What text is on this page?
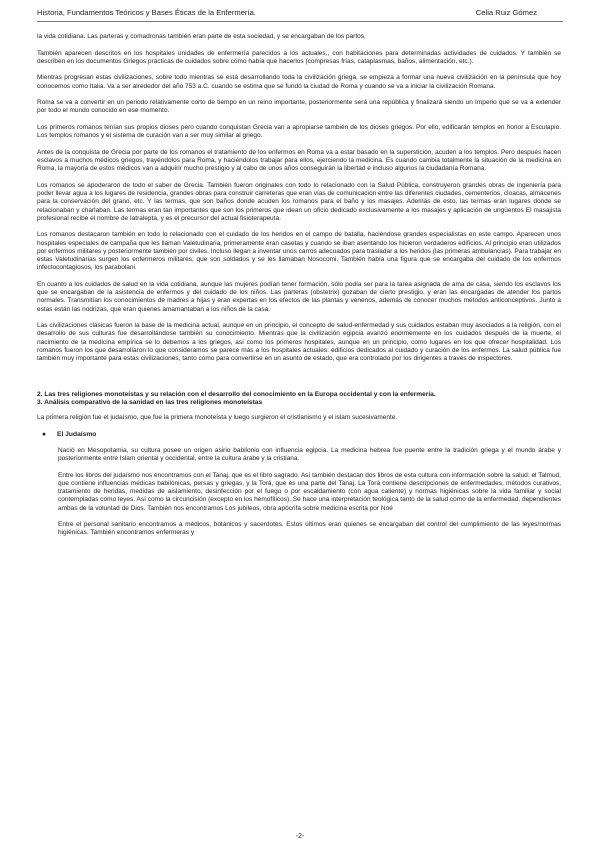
Historia, Fundamentos Teóricos y Bases Éticas de la Enfermería.	Celia Ruiz Gómez

la vida cotidiana. Las parteras y comadronas también eran parte de esta sociedad, y se encargaban de los partos.

También aparecen descritos en los hospitales unidades de enfermería parecidos a los actuales,, con habitaciones para determinadas actividades de cuidados. Y también se describen en los documentos Griegos prácticas de cuidados sobre cómo había que hacerlos (compresas frías, cataplasmas, baños, alimentación, etc.).

Mientras progresan estas civilizaciones, sobre todo mientras se está desarrollando toda la civilización griega, se empieza a formar una nueva civilización en la península que hoy conocemos como Italia. Va a ser alrededor del año 753 a.C. cuando se estima que se fundó la ciudad de Roma y cuando se va a iniciar la civilización Romana.

Roma se va a convertir en un periodo relativamente corto de tiempo en un reino importante, posteriormente será una república y finalizará siendo un Imperio que se va a extender por todo el mundo conocido en ese momento.

Los primeros romanos tenían sus propios dioses pero cuando conquistan Grecia van a apropiarse también de los dioses griegos. Por ello, edificarán templos en honor a Esculapio. Los templos romanos y el sistema de curación van a ser muy similar al griego.

Antes de la conquista de Grecia por parte de los romanos el tratamiento de los enfermos en Roma va a estar basado en la superstición, acuden a los templos. Pero después hacen esclavos a muchos médicos griegos, trayéndolos para Roma, y haciéndolos trabajar para ellos, ejerciendo la medicina. Es cuando cambia totalmente la situación de la medicina en Roma, la mayoría de estos médicos van a adquirir mucho prestigio y al cabo de unos años conseguirán la libertad e incluso algunos la ciudadanía Romana.

Los romanos se apoderaron de todo el saber de Grecia. También fueron originales con todo lo relacionado con la Salud Pública, construyeron grandes obras de ingeniería para poder llevar agua a los lugares de residencia, grandes obras para construir carreteras que eran vías de comunicación entre las diferentes ciudades, cementerios, cloacas, almacenes para la conservación del grano, etc. Y las termas, que son baños donde acuden los romanos para el baño y los masajes. Además de esto, las termas eran lugares donde se relacionaban y charlaban. Las termas eran tan importantes que son los primeros que idean un oficio dedicado exclusivamente a los masajes y aplicación de ungüentos El masajista profesional recibe el nombre de Iatraleptа, y es el precursor del actual fisioterapeuta.

Los romanos destacaron también en todo lo relacionado con el cuidado de los heridos en el campo de batalla, haciéndose grandes especialistas en este campo. Aparecen unos hospitales especiales de campaña que les llaman Valetudinaria, primeramente eran casetas y cuando se iban asentando los hicieron verdaderos edificios. Al principio eran utilizados por enfermos militares y posteriormente también por civiles. Incluso llegan a inventar unos carros adecuados para trasladar a los heridos (las primeras ambulancias). Para trabajar en estas Valetudinarias surgen los enfermeros militares, que son soldados y se les llamaban Nosocomi. También había una figura que se encargaba del cuidado de los enfermos infectocontagiosos, los parabolani.

En cuanto a los cuidados de salud en la vida cotidiana, aunque las mujeres podían tener formación, sólo podía ser para la tarea asignada de ama de casa, siendo los esclavos los que se encargaban de la asistencia de enfermos y del cuidado de los niños. Las parteras (obstetrix) gozaban de cierto prestigio, y eran las encargadas de atender los partos normales. Transmitían los conocimientos de madres a hijas y eran expertas en los efectos de las plantas y venenos, además de conocer muchos métodos anticonceptivos. Junto a estas están las nodrizas, que eran quienes amamantaban a los niños de la casa.

Las civilizaciones clásicas fueron la base de la medicina actual, aunque en un principio, el concepto de salud-enfermedad y sus cuidados estaban muy asociados a la religión, con el desarrollo de sus culturas fue desarrollándose también su conocimiento. Mientras que la civilización egipcia avanzó enormemente en los cuidados después de la muerte, el nacimiento de la medicina empírica se lo debemos a los griegos, así como los primeros hospitales, aunque en un principio, como lugares en los que ofrecer hospitalidad. Los romanos fueron los que desarrollaron lo que consideramos se parece más a los hospitales actuales: edificios dedicados al cuidado y curación de los enfermos. La salud pública fue también muy importante para estas civilizaciones, tanto como para convertirse en un asunto de estado, que era controlado por los dirigentes a través de inspectores.

2. Las tres religiones monoteístas y su relación con el desarrollo del conocimiento en la Europa occidental y con la enfermería.
3. Análisis comparativo de la sanidad en las tres religiones monoteístas

La primera religión fue el judaísmo, que fue la primera monoteísta y luego surgieron el cristianismo y el islam sucesivamente.

● El Judaísmo

Nació en Mesopotamia, su cultura posee un origen asirio babilonio con influencia egipcia. La medicina hebrea fue puente entre la tradición griega y el mundo árabe y posteriormente entre Islam oriental y occidental, entre la cultura árabe y la cristiana.

Entre los libros del judaísmo nos encontramos con el Tanaj, que es el libro sagrado. Así también destacan dos libros de esta cultura con información sobre la salud: el Talmud, que contiene influencias médicas babilónicas, persas y griegas, y la Torá, que es una parte del Tanaj. La Torá contiene descripciones de enfermedades, métodos curativos, tratamiento de heridas, medidas de aislamiento, desinfección por el fuego o por escaldamiento (con agua caliente) y normas higiénicas sobre la vida familiar y social contempladas como leyes. Así como la circuncisión (excepto en los hemofílicos). Se hace una interpretación teológica tanto de la salud como de la enfermedad, dependientes ambas de la voluntad de Dios. También nos encontramos Los jubileos, obra apócrifa sobre medicina escrita por Noé

Entre el personal sanitario encontramos a médicos, botánicos y sacerdotes. Estos últimos eran quienes se encargaban del control del cumplimiento de las leyes/normas higiénicas. También encontramos enfermeras y

-2-
